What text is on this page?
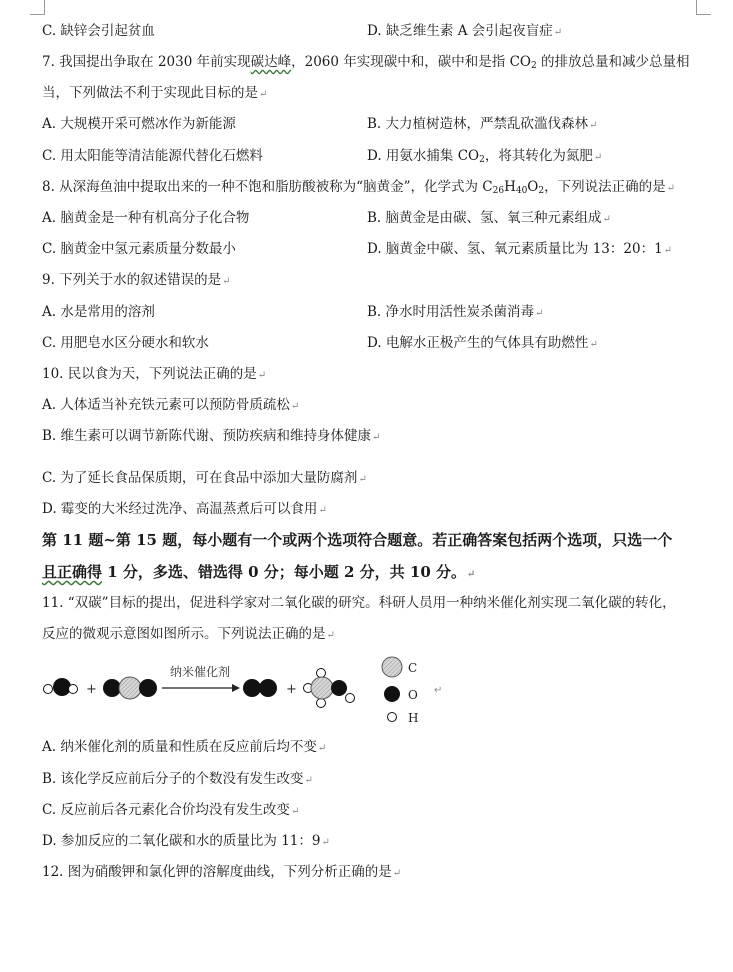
C. 缺锌会引起贫血	D. 缺乏维生素 A 会引起夜盲症↵
7. 我国提出争取在 2030 年前实现碳达峰，2060 年实现碳中和，碳中和是指 $CO_2$ 的排放总量和减少总量相
当，下列做法不利于实现此目标的是↵
A. 大规模开采可燃冰作为新能源	B. 大力植树造林，严禁乱砍滥伐森林↵
C. 用太阳能等清洁能源代替化石燃料	D. 用氨水捕集 $CO_2$，将其转化为氮肥↵
8. 从深海鱼油中提取出来的一种不饱和脂肪酸被称为“脑黄金”，化学式为 $C_{26}H_{40}O_2$，下列说法正确的是↵
A. 脑黄金是一种有机高分子化合物	B. 脑黄金是由碳、氢、氧三种元素组成↵
C. 脑黄金中氢元素质量分数最小	D. 脑黄金中碳、氢、氧元素质量比为 13：20：1↵
9. 下列关于水的叙述错误的是↵
A. 水是常用的溶剂	B. 净水时用活性炭杀菌消毒↵
C. 用肥皂水区分硬水和软水	D. 电解水正极产生的气体具有助燃性↵
10. 民以食为天，下列说法正确的是↵
A. 人体适当补充铁元素可以预防骨质疏松↵
B. 维生素可以调节新陈代谢、预防疾病和维持身体健康↵
C. 为了延长食品保质期，可在食品中添加大量防腐剂↵
D. 霉变的大米经过洗净、高温蒸煮后可以食用↵
第 11 题~第 15 题，每小题有一个或两个选项符合题意。若正确答案包括两个选项，只选一个
且正确得 1 分，多选、错选得 0 分；每小题 2 分，共 10 分。↵
11. “双碳”目标的提出，促进科学家对二氧化碳的研究。科研人员用一种纳米催化剂实现二氧化碳的转化，
反应的微观示意图如图所示。下列说法正确的是↵
+
纳米催化剂
+
C
O
H
↵
A. 纳米催化剂的质量和性质在反应前后均不变↵
B. 该化学反应前后分子的个数没有发生改变↵
C. 反应前后各元素化合价均没有发生改变↵
D. 参加反应的二氧化碳和水的质量比为 11：9↵
12. 图为硝酸钾和氯化钾的溶解度曲线，下列分析正确的是↵
